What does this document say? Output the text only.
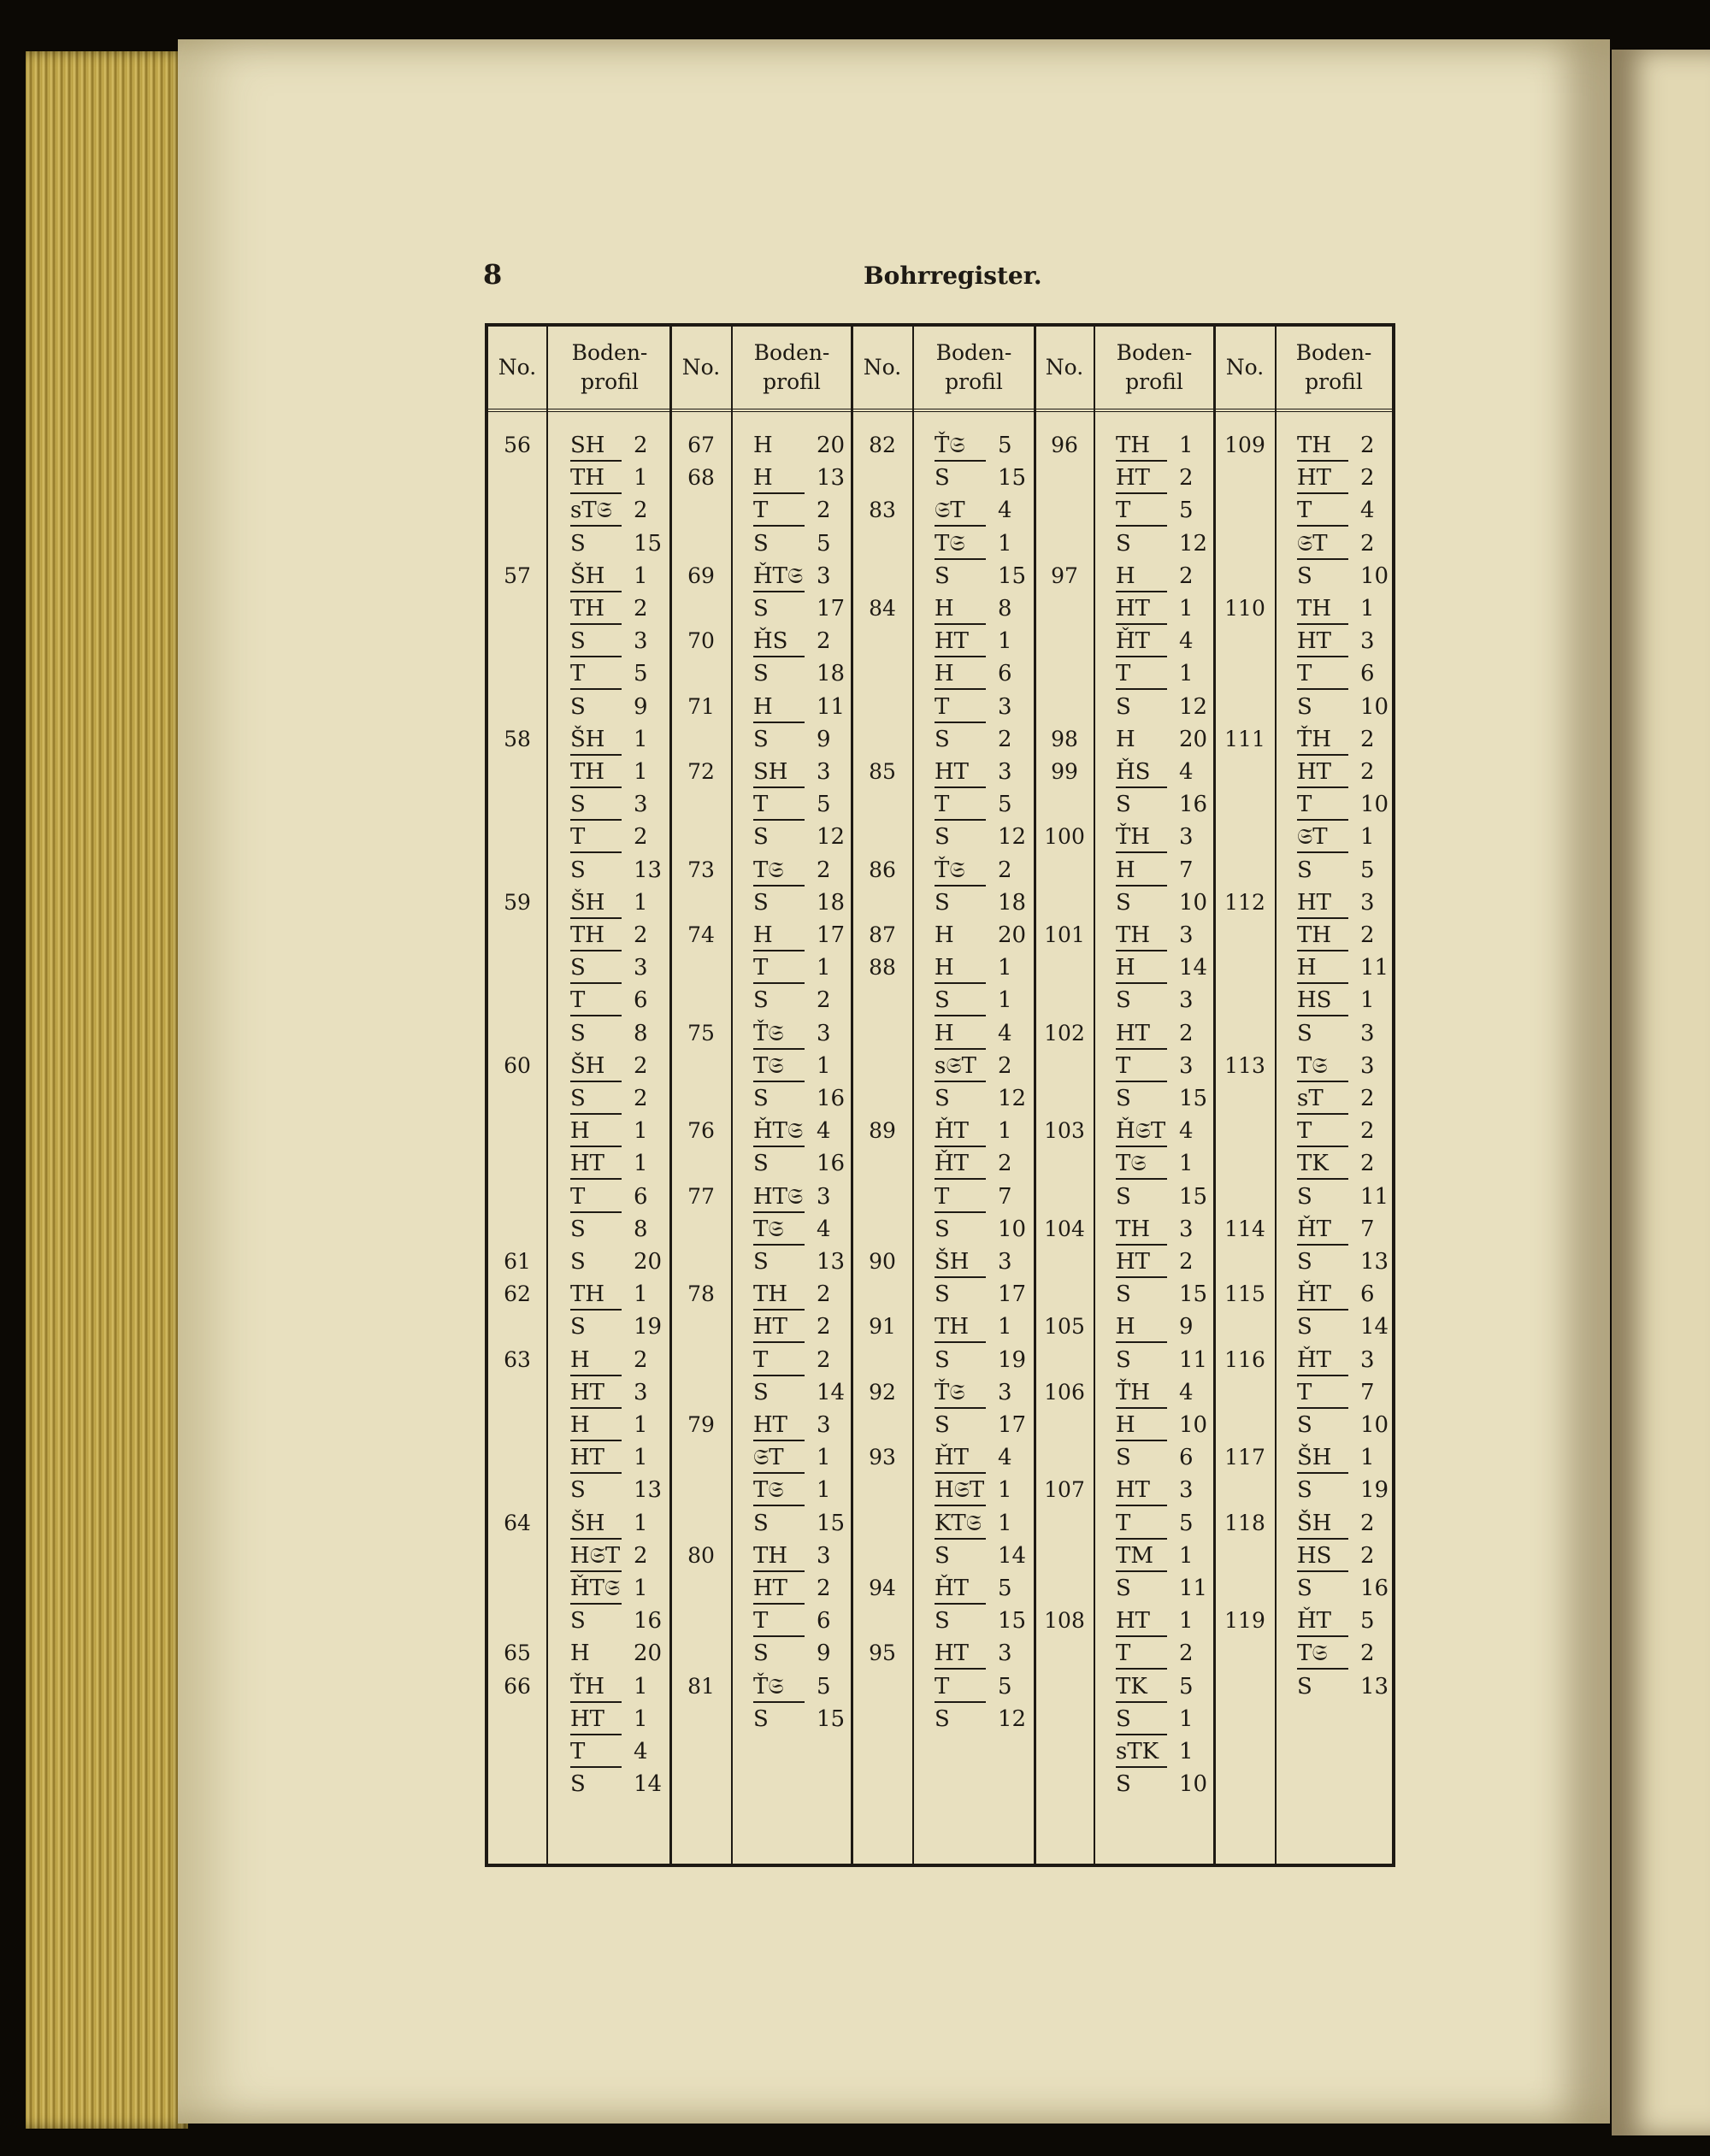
8	Bohrregister.
No.
Boden-
profil
No.
Boden-
profil
No.
Boden-
profil
No.
Boden-
profil
No.
Boden-
profil
56	SH 2
TH 1
sT𝔖 2
S 15
57	ŠH 1
TH 2
S 3
T 5
S 9
58	ŠH 1
TH 1
S 3
T 2
S 13
59	ŠH 1
TH 2
S 3
T 6
S 8
60	ŠH 2
S 2
H 1
HT 1
T 6
S 8
61	S 20
62	TH 1
S 19
63	H 2
HT 3
H 1
HT 1
S 13
64	ŠH 1
H𝔖T 2
ȞT𝔖 1
S 16
65	H 20
66	ŤH 1
HT 1
T 4
S 14
67	H 20
68	H 13
T 2
S 5
69	ȞT𝔖 3
S 17
70	ȞS 2
S 18
71	H 11
S 9
72	SH 3
T 5
S 12
73	T𝔖 2
S 18
74	H 17
T 1
S 2
75	Ť𝔖 3
T𝔖 1
S 16
76	ȞT𝔖 4
S 16
77	HT𝔖 3
T𝔖 4
S 13
78	TH 2
HT 2
T 2
S 14
79	HT 3
𝔖T 1
T𝔖 1
S 15
80	TH 3
HT 2
T 6
S 9
81	Ť𝔖 5
S 15
82	Ť𝔖 5
S 15
83	𝔖T 4
T𝔖 1
S 15
84	H 8
HT 1
H 6
T 3
S 2
85	HT 3
T 5
S 12
86	Ť𝔖 2
S 18
87	H 20
88	H 1
S 1
H 4
s𝔖T 2
S 12
89	ȞT 1
ȞT 2
T 7
S 10
90	ŠH 3
S 17
91	TH 1
S 19
92	Ť𝔖 3
S 17
93	ȞT 4
H𝔖T 1
KT𝔖 1
S 14
94	ȞT 5
S 15
95	HT 3
T 5
S 12
96	TH 1
HT 2
T 5
S 12
97	H 2
HT 1
ȞT 4
T 1
S 12
98	H 20
99	ȞS 4
S 16
100	ŤH 3
H 7
S 10
101	TH 3
H 14
S 3
102	HT 2
T 3
S 15
103	Ȟ𝔖T 4
T𝔖 1
S 15
104	TH 3
HT 2
S 15
105	H 9
S 11
106	ŤH 4
H 10
S 6
107	HT 3
T 5
TM 1
S 11
108	HT 1
T 2
TK 5
S 1
sTK 1
S 10
109	TH 2
HT 2
T 4
𝔖T 2
S 10
110	TH 1
HT 3
T 6
S 10
111	ŤH 2
HT 2
T 10
𝔖T 1
S 5
112	HT 3
TH 2
H 11
HS 1
S 3
113	T𝔖 3
sT 2
T 2
TK 2
S 11
114	ȞT 7
S 13
115	ȞT 6
S 14
116	ȞT 3
T 7
S 10
117	ŠH 1
S 19
118	ŠH 2
HS 2
S 16
119	ȞT 5
T𝔖 2
S 13
